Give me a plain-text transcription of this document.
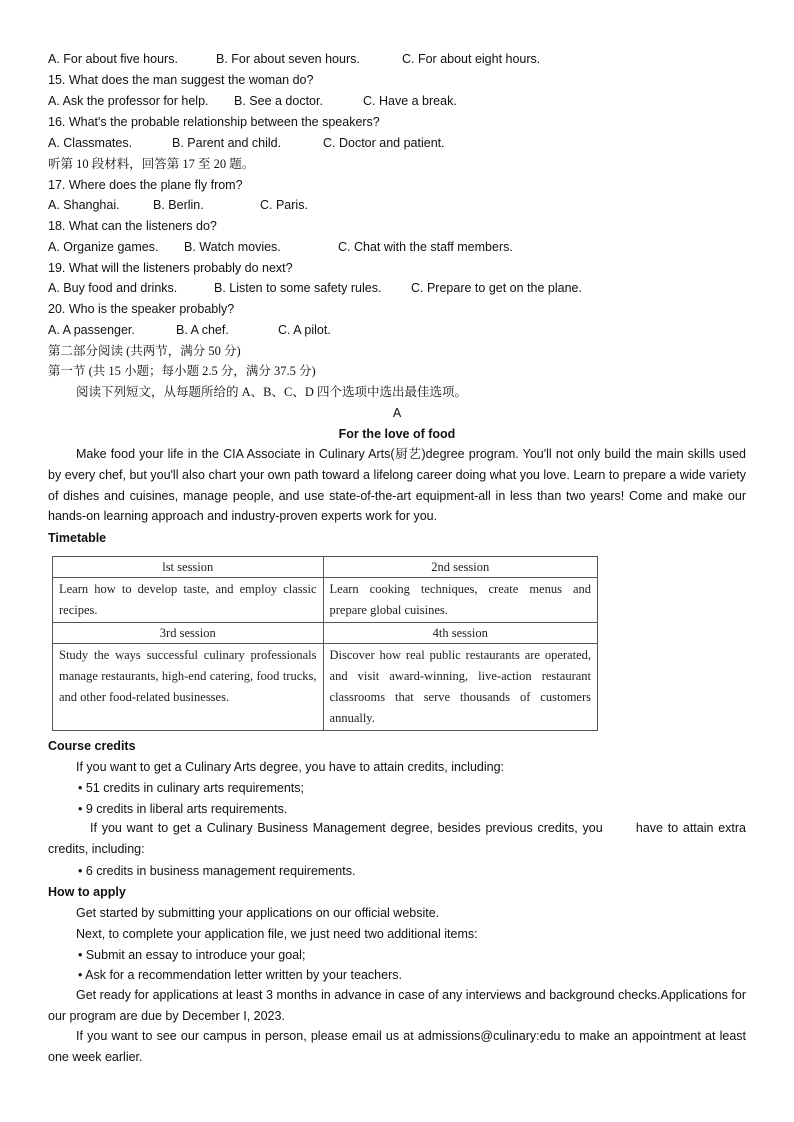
A. For about five hours.	B. For about seven hours.	C. For about eight hours.
15. What does the man suggest the woman do?
A. Ask the professor for help. B. See a doctor.	C. Have a break.
16. What's the probable relationship between the speakers?
A. Classmates.	B. Parent and child.	C. Doctor and patient.
听第 10 段材料，回答第 17 至 20 题。
17. Where does the plane fly from?
A. Shanghai.	B. Berlin.	C. Paris.
18. What can the listeners do?
A. Organize games. B. Watch movies.	C. Chat with the staff members.
19. What will the listeners probably do next?
A. Buy food and drinks.	B. Listen to some safety rules. C. Prepare to get on the plane.
20. Who is the speaker probably?
A. A passenger.	B. A chef.	C. A pilot.
第二部分阅读 (共两节，满分 50 分)
第一节 (共 15 小题；每小题 2.5 分，满分 37.5 分)
阅读下列短文，从每题所给的 A、B、C、D 四个选项中选出最佳选项。
A
For the love of food
Make food your life in the CIA Associate in Culinary Arts(厨艺)degree program. You'll not only build the main skills used by every chef, but you'll also chart your own path toward a lifelong career doing what you love. Learn to prepare a wide variety of dishes and cuisines, manage people, and use state-of-the-art equipment-all in less than two years! Come and make our hands-on learning approach and industry-proven experts work for you.
Timetable
lst session	2nd session
Learn how to develop taste, and employ classic recipes.	Learn cooking techniques, create menus and prepare global cuisines.
3rd session	4th session
Study the ways successful culinary professionals manage restaurants, high-end catering, food trucks, and other food-related businesses.	Discover how real public restaurants are operated, and visit award-winning, live-action restaurant classrooms that serve thousands of customers annually.
Course credits
If you want to get a Culinary Arts degree, you have to attain credits, including:
• 51 credits in culinary arts requirements;
• 9 credits in liberal arts requirements.
If you want to get a Culinary Business Management degree, besides previous credits, you       have to attain extra credits, including:
• 6 credits in business management requirements.
How to apply
Get started by submitting your applications on our official website.
Next, to complete your application file, we just need two additional items:
• Submit an essay to introduce your goal;
• Ask for a recommendation letter written by your teachers.
Get ready for applications at least 3 months in advance in case of any interviews and background checks.Applications for our program are due by December I, 2023.
If you want to see our campus in person, please email us at admissions@culinary:edu to make an appointment at least one week earlier.
